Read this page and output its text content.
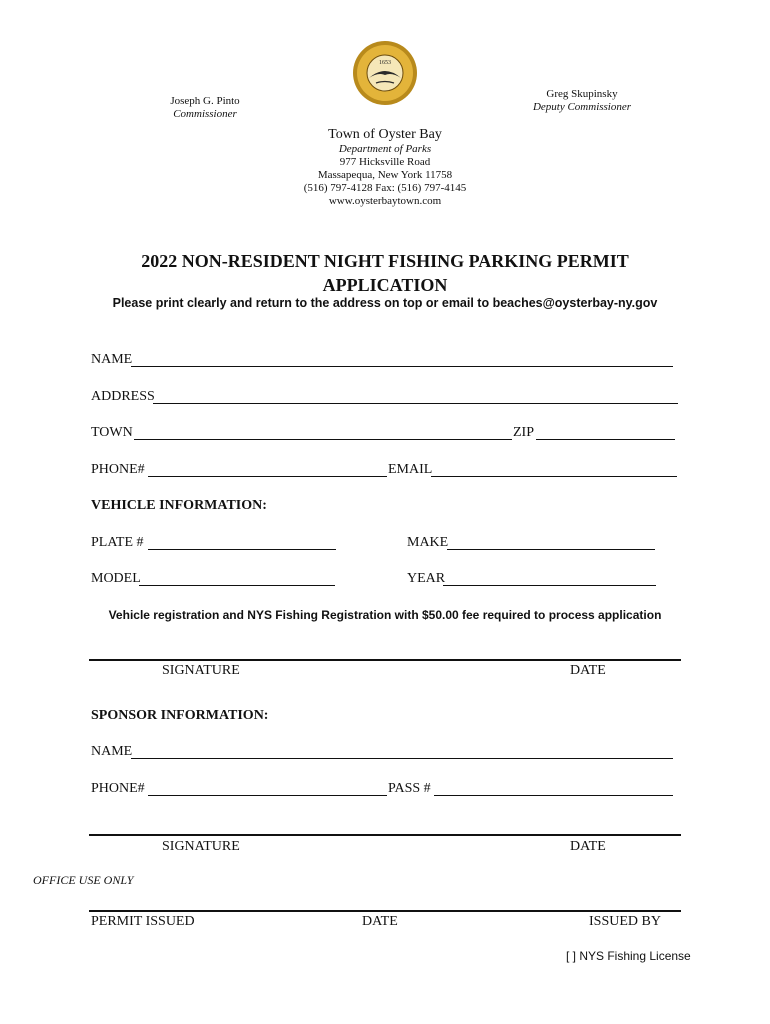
1653
Joseph G. Pinto
Commissioner
Greg Skupinsky
Deputy Commissioner
Town of Oyster Bay
Department of Parks
977 Hicksville Road
Massapequa, New York 11758
(516) 797-4128 Fax: (516) 797-4145
www.oysterbaytown.com
2022 NON-RESIDENT NIGHT FISHING PARKING PERMIT
APPLICATION
Please print clearly and return to the address on top or email to beaches@oysterbay-ny.gov
NAME
ADDRESS
TOWN	ZIP
PHONE#	EMAIL
VEHICLE INFORMATION:
PLATE #	MAKE
MODEL	YEAR
Vehicle registration and NYS Fishing Registration with $50.00 fee required to process application
SIGNATURE	DATE
SPONSOR INFORMATION:
NAME
PHONE#	PASS #
SIGNATURE	DATE
OFFICE USE ONLY
PERMIT ISSUED	DATE	ISSUED BY
[ ] NYS Fishing License
